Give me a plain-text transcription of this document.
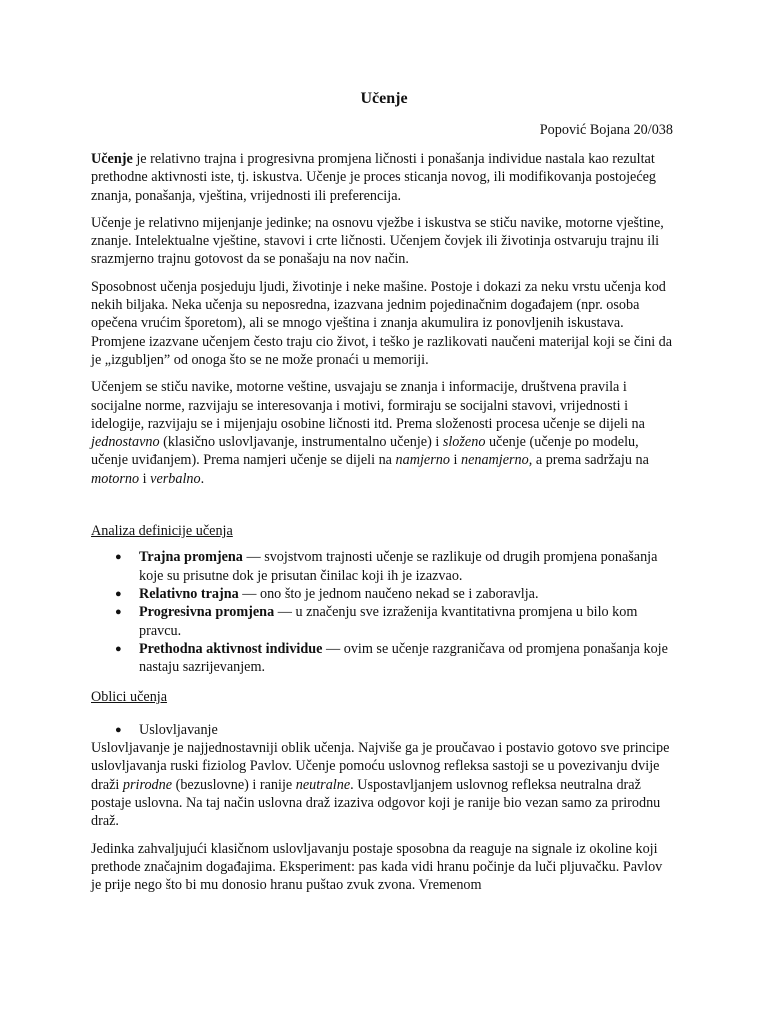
Učenje
Popović Bojana 20/038

Učenje je relativno trajna i progresivna promjena ličnosti i ponašanja individue nastala kao rezultat prethodne aktivnosti iste, tj. iskustva. Učenje je proces sticanja novog, ili modifikovanja postojećeg znanja, ponašanja, vještina, vrijednosti ili preferencija.

Učenje je relativno mijenjanje jedinke; na osnovu vježbe i iskustva se stiču navike, motorne vještine, znanje. Intelektualne vještine, stavovi i crte ličnosti. Učenjem čovjek ili životinja ostvaruju trajnu ili srazmjerno trajnu gotovost da se ponašaju na nov način.

Sposobnost učenja posjeduju ljudi, životinje i neke mašine. Postoje i dokazi za neku vrstu učenja kod nekih biljaka. Neka učenja su neposredna, izazvana jednim pojedinačnim događajem (npr. osoba opečena vrućim šporetom), ali se mnogo vještina i znanja akumulira iz ponovljenih iskustava. Promjene izazvane učenjem često traju cio život, i teško je razlikovati naučeni materijal koji se čini da je „izgubljen” od onoga što se ne može pronaći u memoriji.

Učenjem se stiču navike, motorne veštine, usvajaju se znanja i informacije, društvena pravila i socijalne norme, razvijaju se interesovanja i motivi, formiraju se socijalni stavovi, vrijednosti i idelogije, razvijaju se i mijenjaju osobine ličnosti itd. Prema složenosti procesa učenje se dijeli na jednostavno (klasično uslovljavanje, instrumentalno učenje) i složeno učenje (učenje po modelu, učenje uviđanjem). Prema namjeri učenje se dijeli na namjerno i nenamjerno, a prema sadržaju na motorno i verbalno.

Analiza definicije učenja
● Trajna promjena — svojstvom trajnosti učenje se razlikuje od drugih promjena ponašanja koje su prisutne dok je prisutan činilac koji ih je izazvao.
● Relativno trajna — ono što je jednom naučeno nekad se i zaboravlja.
● Progresivna promjena — u značenju sve izraženija kvantitativna promjena u bilo kom pravcu.
● Prethodna aktivnost individue — ovim se učenje razgraničava od promjena ponašanja koje nastaju sazrijevanjem.
Oblici učenja
● Uslovljavanje

Uslovljavanje je najjednostavniji oblik učenja. Najviše ga je proučavao i postavio gotovo sve principe uslovljavanja ruski fiziolog Pavlov. Učenje pomoću uslovnog refleksa sastoji se u povezivanju dvije draži prirodne (bezuslovne) i ranije neutralne. Uspostavljanjem uslovnog refleksa neutralna draž postaje uslovna. Na taj način uslovna draž izaziva odgovor koji je ranije bio vezan samo za prirodnu draž.

Jedinka zahvaljujući klasičnom uslovljavanju postaje sposobna da reaguje na signale iz okoline koji prethode značajnim događajima. Eksperiment: pas kada vidi hranu počinje da luči pljuvačku. Pavlov je prije nego što bi mu donosio hranu puštao zvuk zvona. Vremenom
